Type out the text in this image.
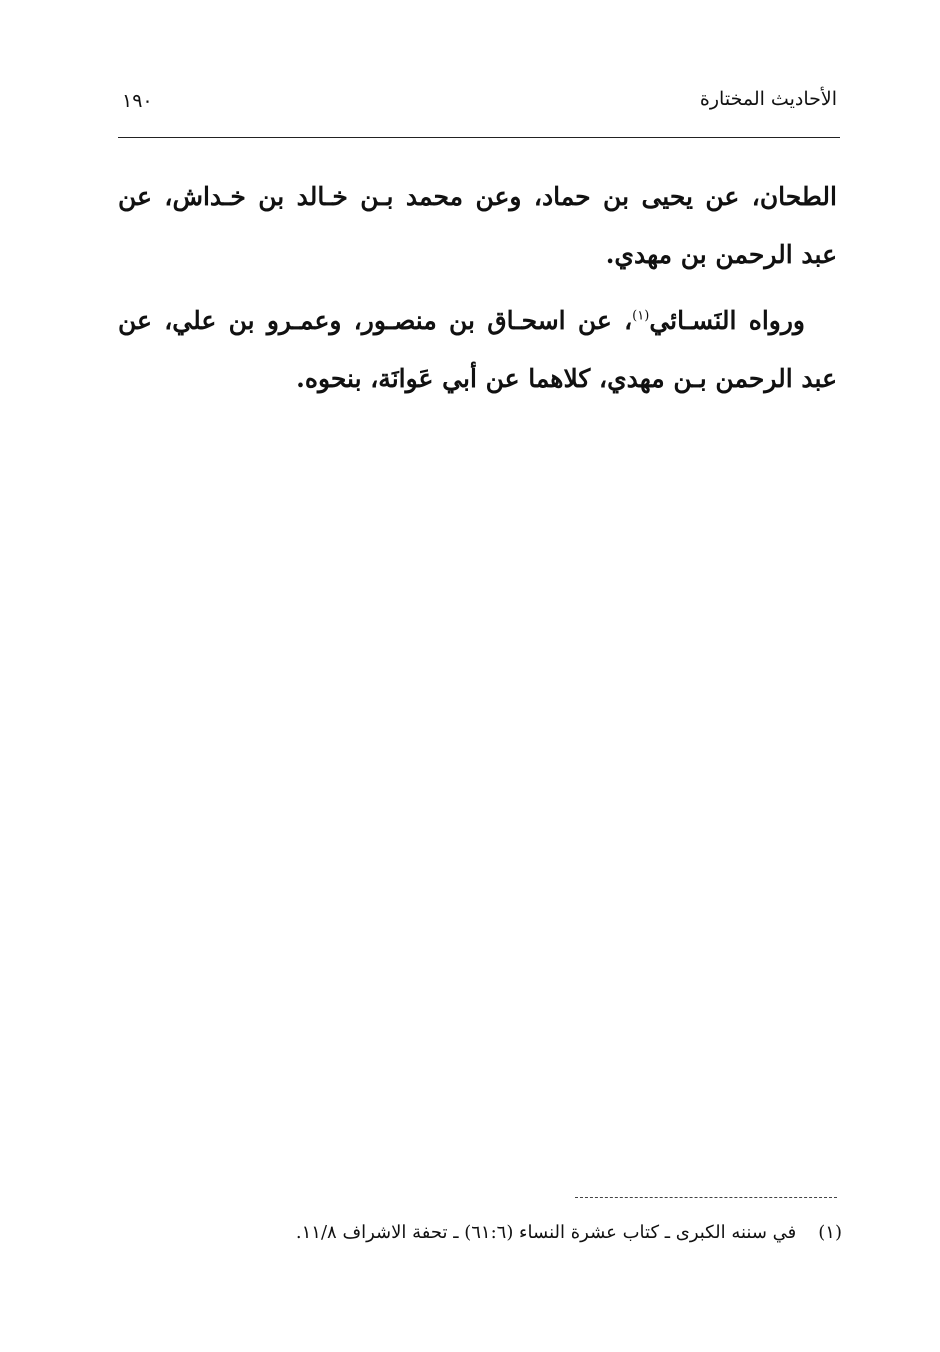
١٩٠	الأحاديث المختارة

الطحان، عن يحيى بن حماد، وعن محمد بـن خـالد بن خـداش، عن عبد الرحمن بن مهدي.

ورواه النَسـائي$^{(١)}$، عن اسحـاق بن منصـور، وعمـرو بن علي، عن عبد الرحمن بـن مهدي، كلاهما عن أبي عَوانَة، بنحوه.

(١)في سننه الكبرى ـ كتاب عشرة النساء (٦١:٦) ـ تحفة الاشراف ١١/٨.
